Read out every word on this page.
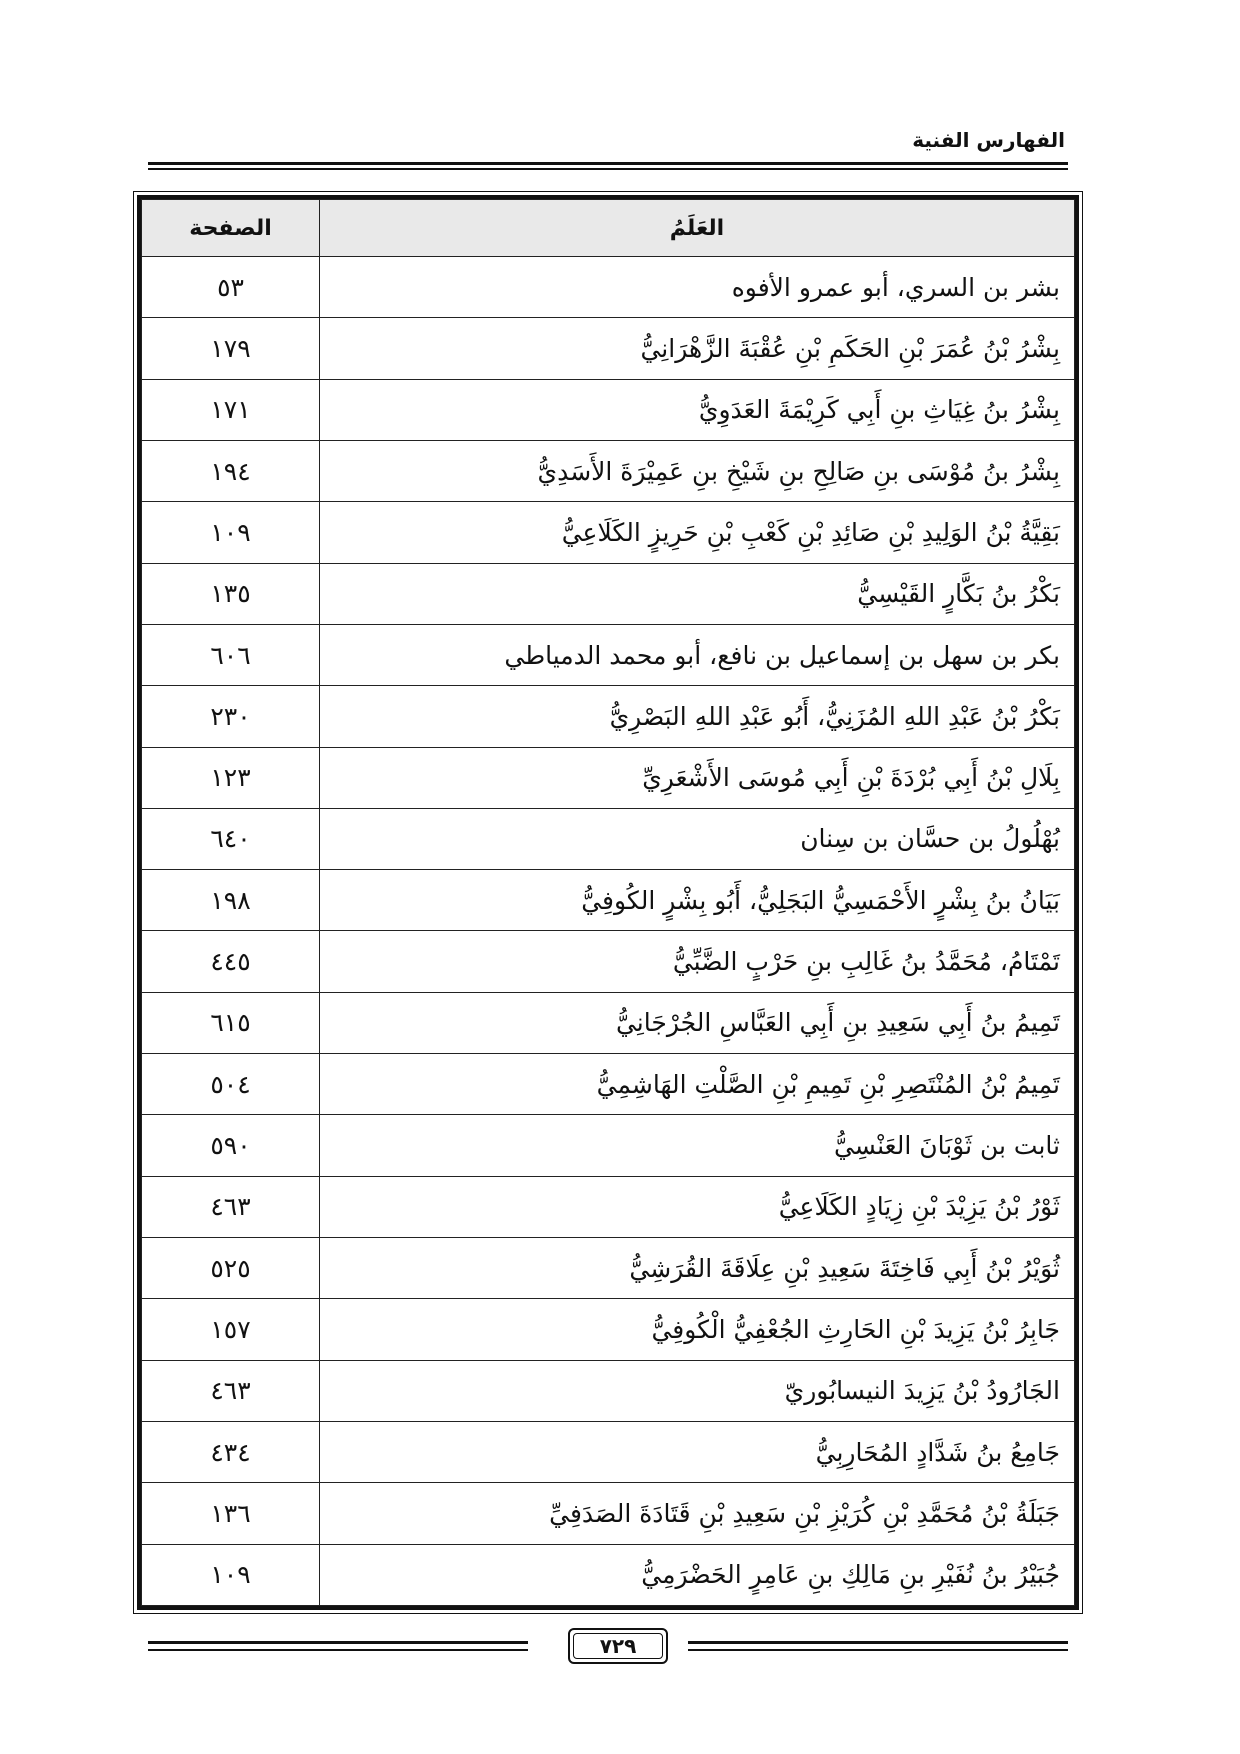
الفهارس الفنية
العَلَمُ	الصفحة
بشر بن السري، أبو عمرو الأفوه	٥٣
بِشْرُ بْنُ عُمَرَ بْنِ الحَكَمِ بْنِ عُقْبَةَ الزَّهْرَانِيُّ	١٧٩
بِشْرُ بنُ غِيَاثِ بنِ أَبِي كَرِيْمَةَ العَدَوِيُّ	١٧١
بِشْرُ بنُ مُوْسَى بنِ صَالِحِ بنِ شَيْخِ بنِ عَمِيْرَةَ الأَسَدِيُّ	١٩٤
بَقِيَّةُ بْنُ الوَلِيدِ بْنِ صَائِدِ بْنِ كَعْبِ بْنِ حَرِيزٍ الكَلَاعِيُّ	١٠٩
بَكْرُ بنُ بَكَّارٍ القَيْسِيُّ	١٣٥
بكر بن سهل بن إسماعيل بن نافع، أبو محمد الدمياطي	٦٠٦
بَكْرُ بْنُ عَبْدِ اللهِ المُزَنِيُّ، أَبُو عَبْدِ اللهِ البَصْرِيُّ	٢٣٠
بِلَالِ بْنُ أَبِي بُرْدَةَ بْنِ أَبِي مُوسَى الأَشْعَرِيِّ	١٢٣
بُهْلُولُ بن حسَّان بن سِنان	٦٤٠
بَيَانُ بنُ بِشْرٍ الأَحْمَسِيُّ البَجَلِيُّ، أَبُو بِشْرٍ الكُوفِيُّ	١٩٨
تَمْتَامُ، مُحَمَّدُ بنُ غَالِبِ بنِ حَرْبٍ الضَّبِّيُّ	٤٤٥
تَمِيمُ بنُ أَبِي سَعِيدِ بنِ أَبِي العَبَّاسِ الجُرْجَانِيُّ	٦١٥
تَمِيمُ بْنُ المُنْتَصِرِ بْنِ تَمِيمِ بْنِ الصَّلْتِ الهَاشِمِيُّ	٥٠٤
ثابت بن ثَوْبَانَ العَنْسِيُّ	٥٩٠
ثَوْرُ بْنُ يَزِيْدَ بْنِ زِيَادٍ الكَلَاعِيُّ	٤٦٣
ثُوَيْرُ بْنُ أَبِي فَاخِتَةَ سَعِيدِ بْنِ عِلَاقَةَ القُرَشِيُّ	٥٢٥
جَابِرُ بْنُ يَزِيدَ بْنِ الحَارِثِ الجُعْفِيُّ الْكُوفِيُّ	١٥٧
الجَارُودُ بْنُ يَزِيدَ النيسابُوريّ	٤٦٣
جَامِعُ بنُ شَدَّادٍ المُحَارِبِيُّ	٤٣٤
جَبَلَةُ بْنُ مُحَمَّدِ بْنِ كُرَيْزِ بْنِ سَعِيدِ بْنِ قَتَادَةَ الصَدَفِيِّ	١٣٦
جُبَيْرُ بنُ نُفَيْرِ بنِ مَالِكِ بنِ عَامِرٍ الحَضْرَمِيُّ	١٠٩
٧٢٩
